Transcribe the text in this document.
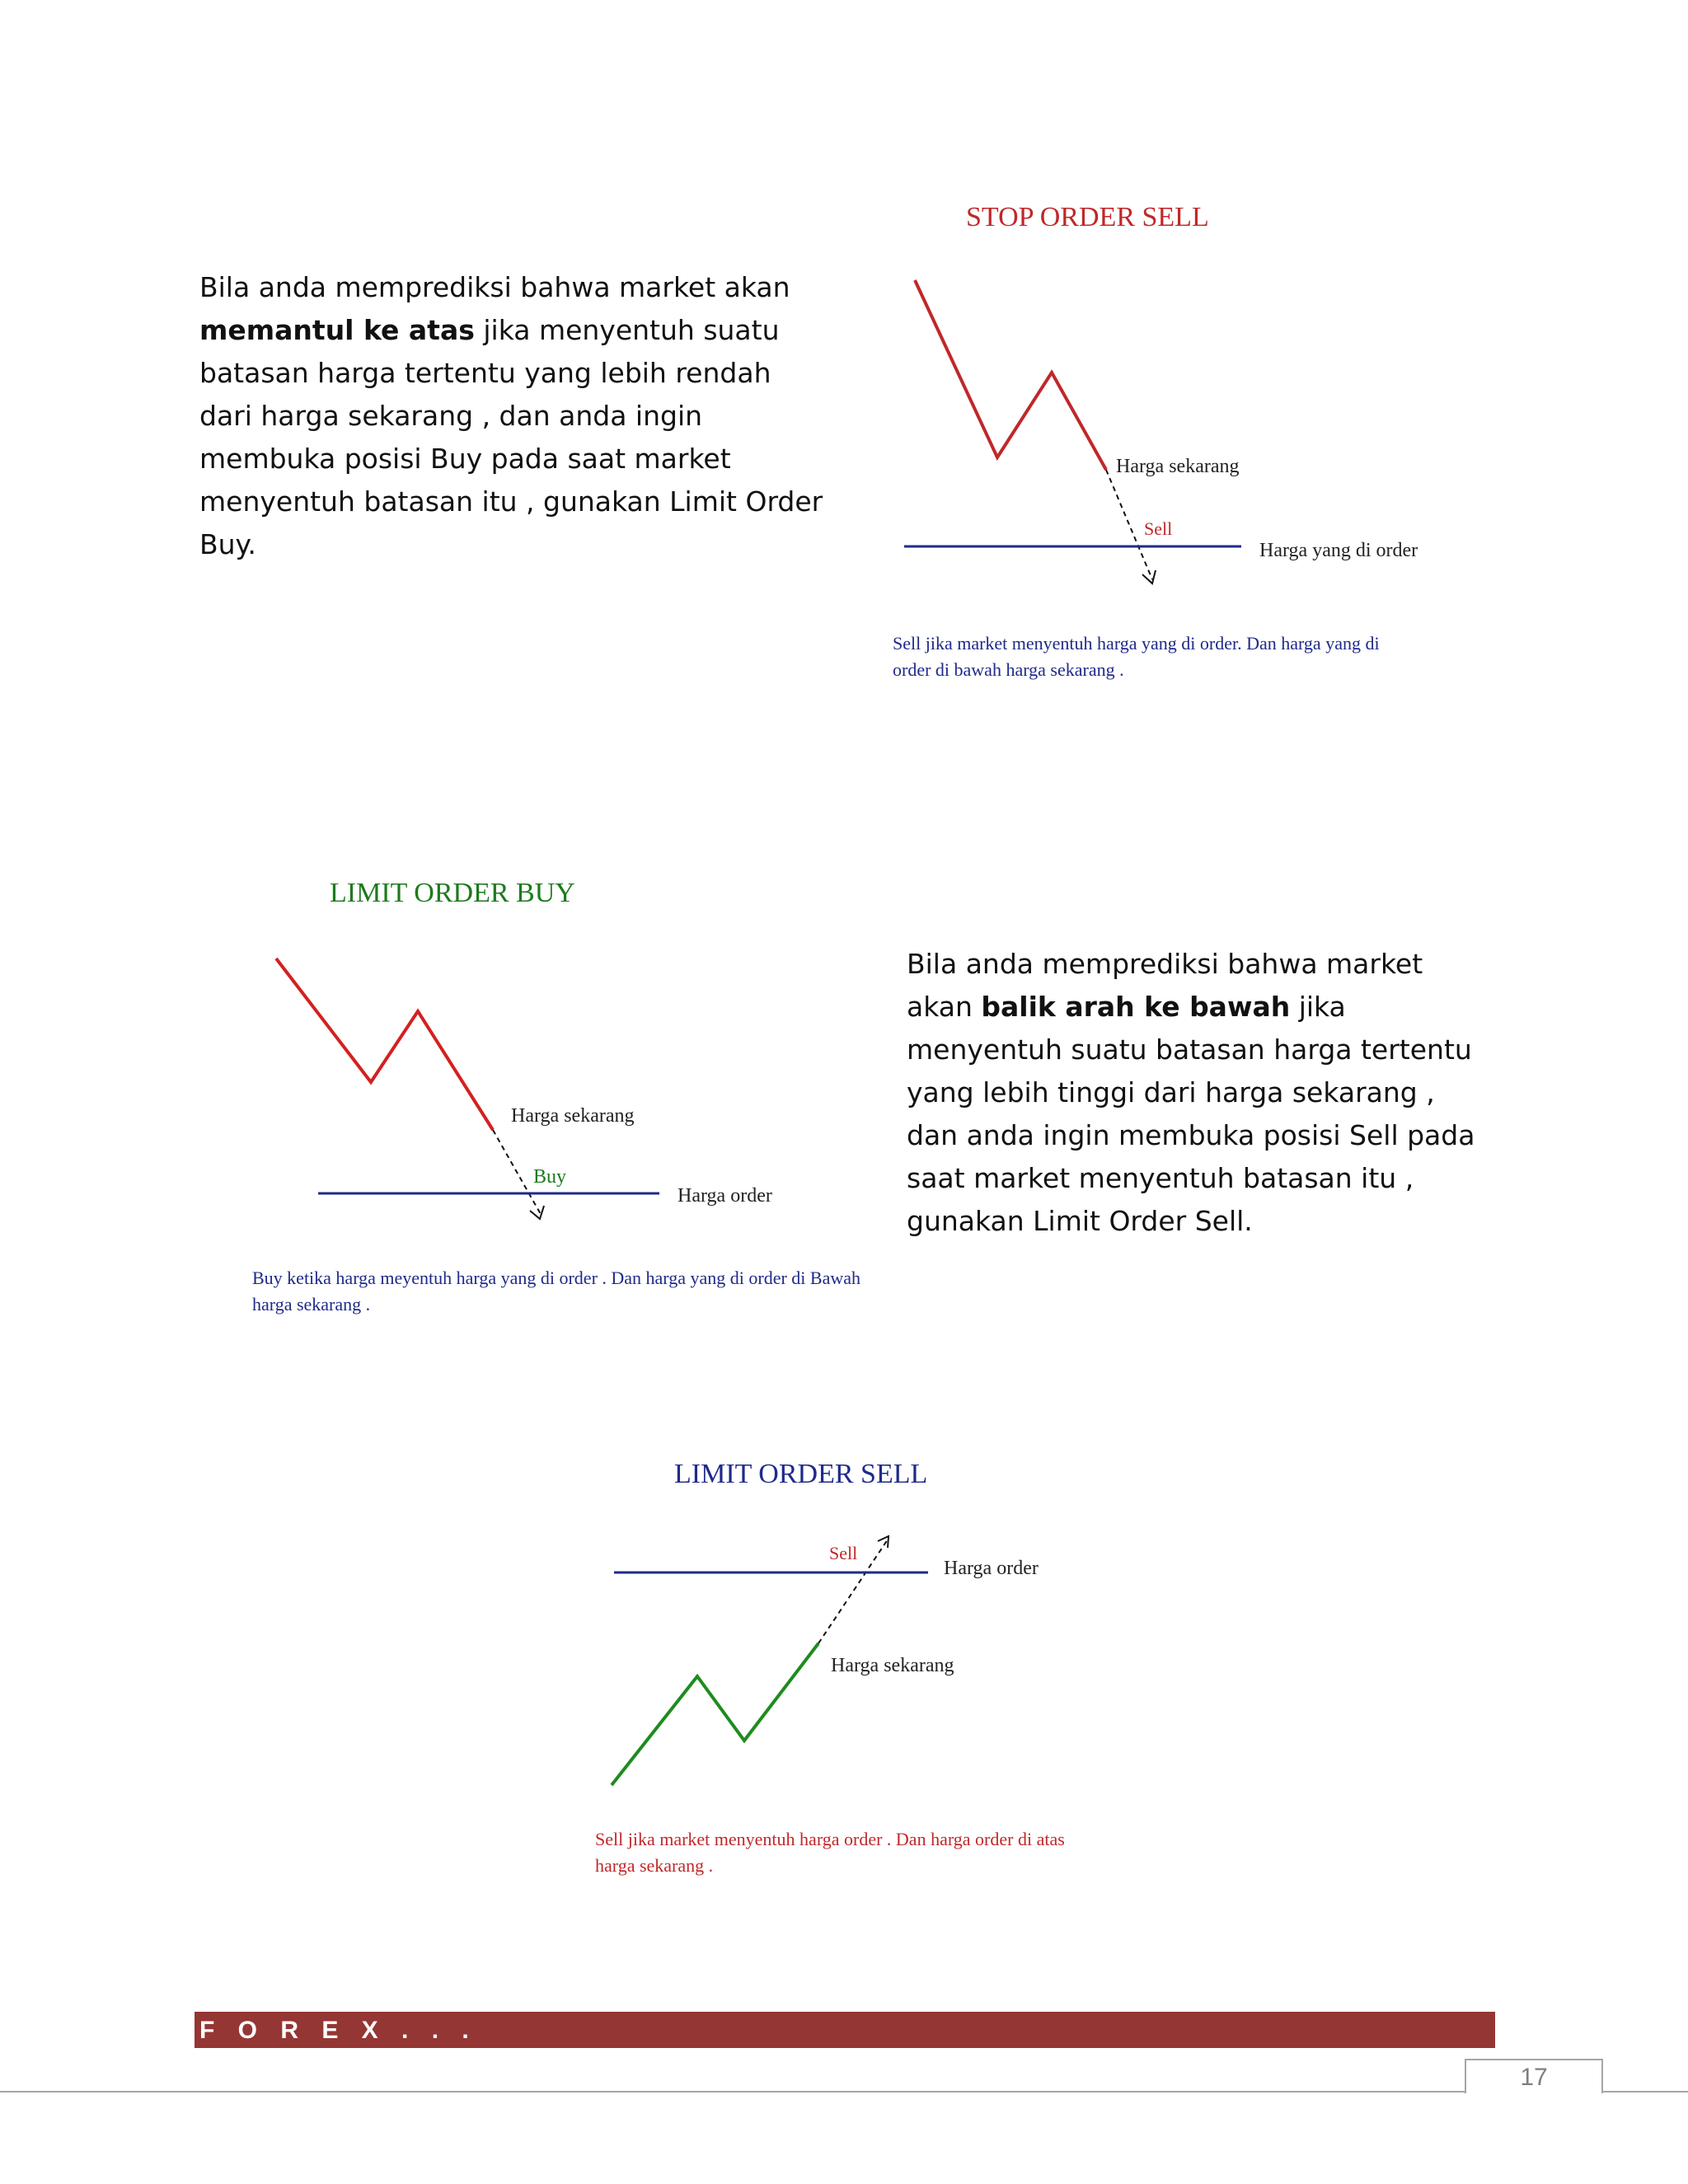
Bila anda memprediksi bahwa market akan memantul ke atas jika menyentuh suatu batasan harga tertentu yang lebih rendah dari harga sekarang , dan anda ingin membuka posisi Buy pada saat market menyentuh batasan itu , gunakan Limit Order Buy.

STOP ORDER SELL
Harga sekarang
Sell
Harga yang di order
Sell jika market menyentuh harga yang di order. Dan harga yang di order di bawah harga sekarang .
LIMIT ORDER BUY
Harga sekarang
Buy
Harga order
Buy ketika harga meyentuh harga yang di order . Dan harga yang di order di Bawah harga sekarang .

Bila anda memprediksi bahwa market akan balik arah ke bawah jika menyentuh suatu batasan harga tertentu yang lebih tinggi dari harga sekarang , dan anda ingin membuka posisi Sell pada saat market menyentuh batasan itu , gunakan Limit Order Sell.

LIMIT ORDER SELL
Sell
Harga order
Harga sekarang
Sell jika market menyentuh harga order . Dan harga order di atas harga sekarang .
F O R E X . . .
17
